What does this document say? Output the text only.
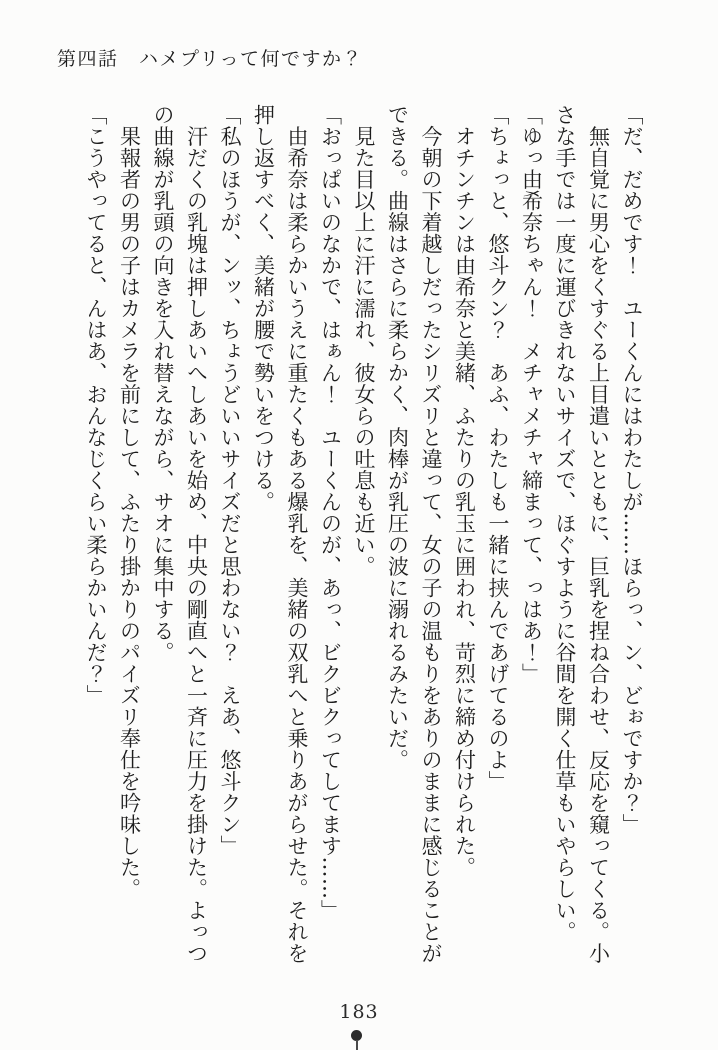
第四話　ハメプリって何ですか？

「だ、だめです！　ユーくんにはわたしが……ほらっ、ン、どぉですか？」

　無自覚に男心をくすぐる上目遣いとともに、巨乳を捏ね合わせ、反応を窺ってくる。小

さな手では一度に運びきれないサイズで、ほぐすように谷間を開く仕草もいやらしい。

「ゆっ由希奈ちゃん！　メチャメチャ締まって、っはあ！」

「ちょっと、悠斗クン？　あふ、わたしも一緒に挟んであげてるのよ」

　オチンチンは由希奈と美緒、ふたりの乳玉に囲われ、苛烈に締め付けられた。

　今朝の下着越しだったシリズリと違って、女の子の温もりをありのままに感じることが

できる。曲線はさらに柔らかく、肉棒が乳圧の波に溺れるみたいだ。

　見た目以上に汗に濡れ、彼女らの吐息も近い。

「おっぱいのなかで、はぁん！　ユーくんのが、あっ、ビクビクってしてます……」

　由希奈は柔らかいうえに重たくもある爆乳を、美緒の双乳へと乗りあがらせた。それを

押し返すべく、美緒が腰で勢いをつける。

「私のほうが、ンッ、ちょうどいいサイズだと思わない？　えあ、悠斗クン」

　汗だくの乳塊は押しあいへしあいを始め、中央の剛直へと一斉に圧力を掛けた。よっつ

の曲線が乳頭の向きを入れ替えながら、サオに集中する。

　果報者の男の子はカメラを前にして、ふたり掛かりのパイズリ奉仕を吟味した。

「こうやってると、んはあ、おんなじくらい柔らかいんだ？」

183
